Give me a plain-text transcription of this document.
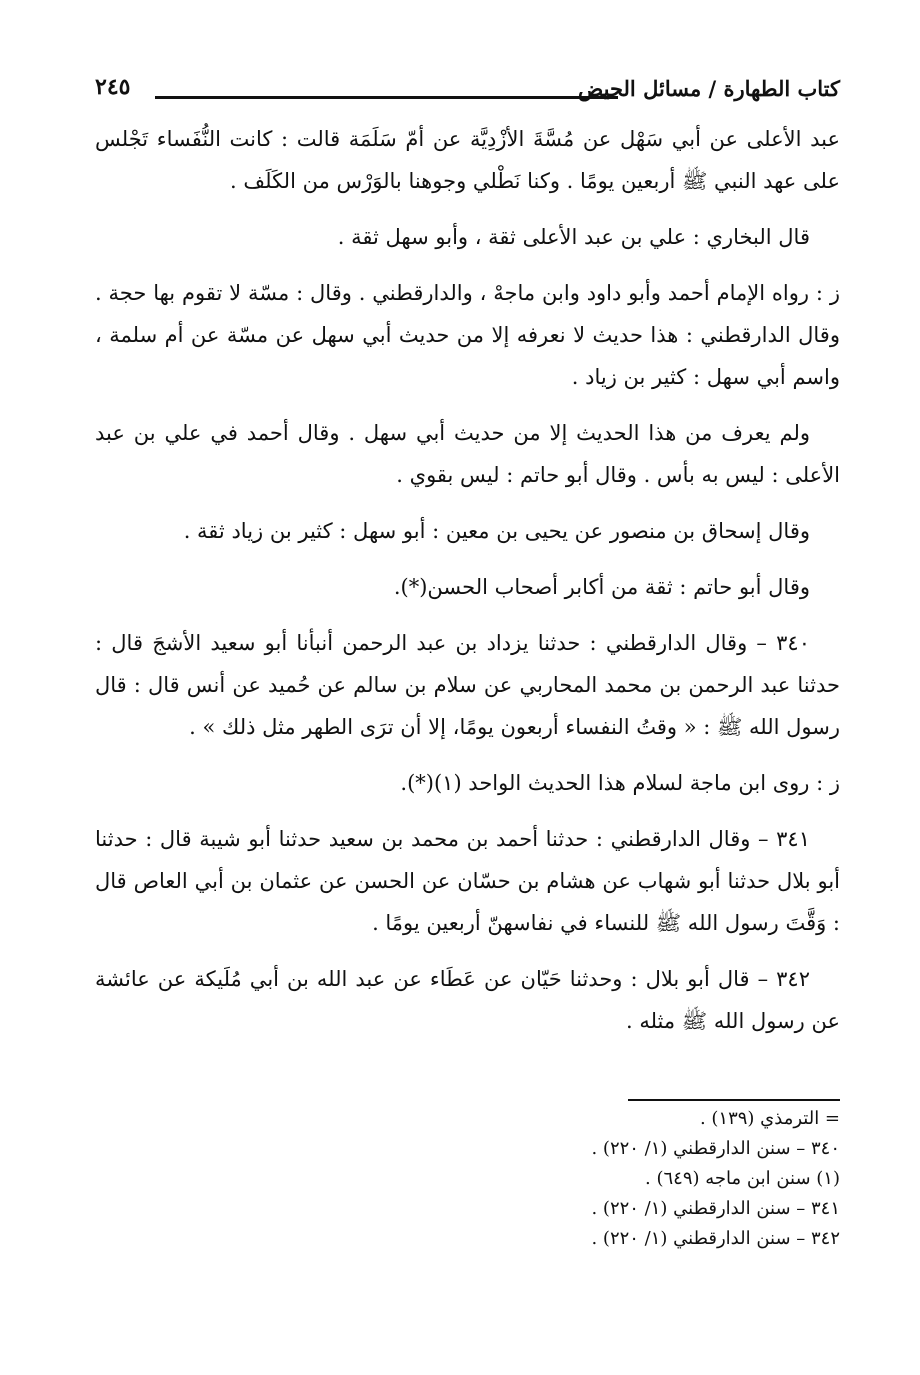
كتاب الطهارة / مسائل الحيض
٢٤٥

عبد الأعلى عن أبي سَهْل عن مُسَّةَ الأزْدِيَّة عن أمّ سَلَمَة قالت : كانت النُّفَساء تَجْلس على عهد النبي ﷺ أربعين يومًا . وكنا نَطْلي وجوهنا بالوَرْس من الكَلَف .

قال البخاري : علي بن عبد الأعلى ثقة ، وأبو سهل ثقة .

ز : رواه الإمام أحمد وأبو داود وابن ماجهْ ، والدارقطني . وقال : مسّة لا تقوم بها حجة . وقال الدارقطني : هذا حديث لا نعرفه إلا من حديث أبي سهل عن مسّة عن أم سلمة ، واسم أبي سهل : كثير بن زياد .

ولم يعرف من هذا الحديث إلا من حديث أبي سهل . وقال أحمد في علي بن عبد الأعلى : ليس به بأس . وقال أبو حاتم : ليس بقوي .

وقال إسحاق بن منصور عن يحيى بن معين : أبو سهل : كثير بن زياد ثقة .

وقال أبو حاتم : ثقة من أكابر أصحاب الحسن(*).

٣٤٠ – وقال الدارقطني : حدثنا يزداد بن عبد الرحمن أنبأنا أبو سعيد الأشجَ قال : حدثنا عبد الرحمن بن محمد المحاربي عن سلام بن سالم عن حُميد عن أنس قال : قال رسول الله ﷺ : « وقتُ النفساء أربعون يومًا، إلا أن ترَى الطهر مثل ذلك » .

ز : روى ابن ماجة لسلام هذا الحديث الواحد (١)(*).

٣٤١ – وقال الدارقطني : حدثنا أحمد بن محمد بن سعيد حدثنا أبو شيبة قال : حدثنا أبو بلال حدثنا أبو شهاب عن هشام بن حسّان عن الحسن عن عثمان بن أبي العاص قال : وَقَّتَ رسول الله ﷺ للنساء في نفاسهنّ أربعين يومًا .

٣٤٢ – قال أبو بلال : وحدثنا حَيّان عن عَطَاء عن عبد الله بن أبي مُلَيكة عن عائشة عن رسول الله ﷺ مثله .

= الترمذي (١٣٩) .
٣٤٠ – سنن الدارقطني (١/ ٢٢٠) .
(١) سنن ابن ماجه (٦٤٩) .
٣٤١ – سنن الدارقطني (١/ ٢٢٠) .
٣٤٢ – سنن الدارقطني (١/ ٢٢٠) .
